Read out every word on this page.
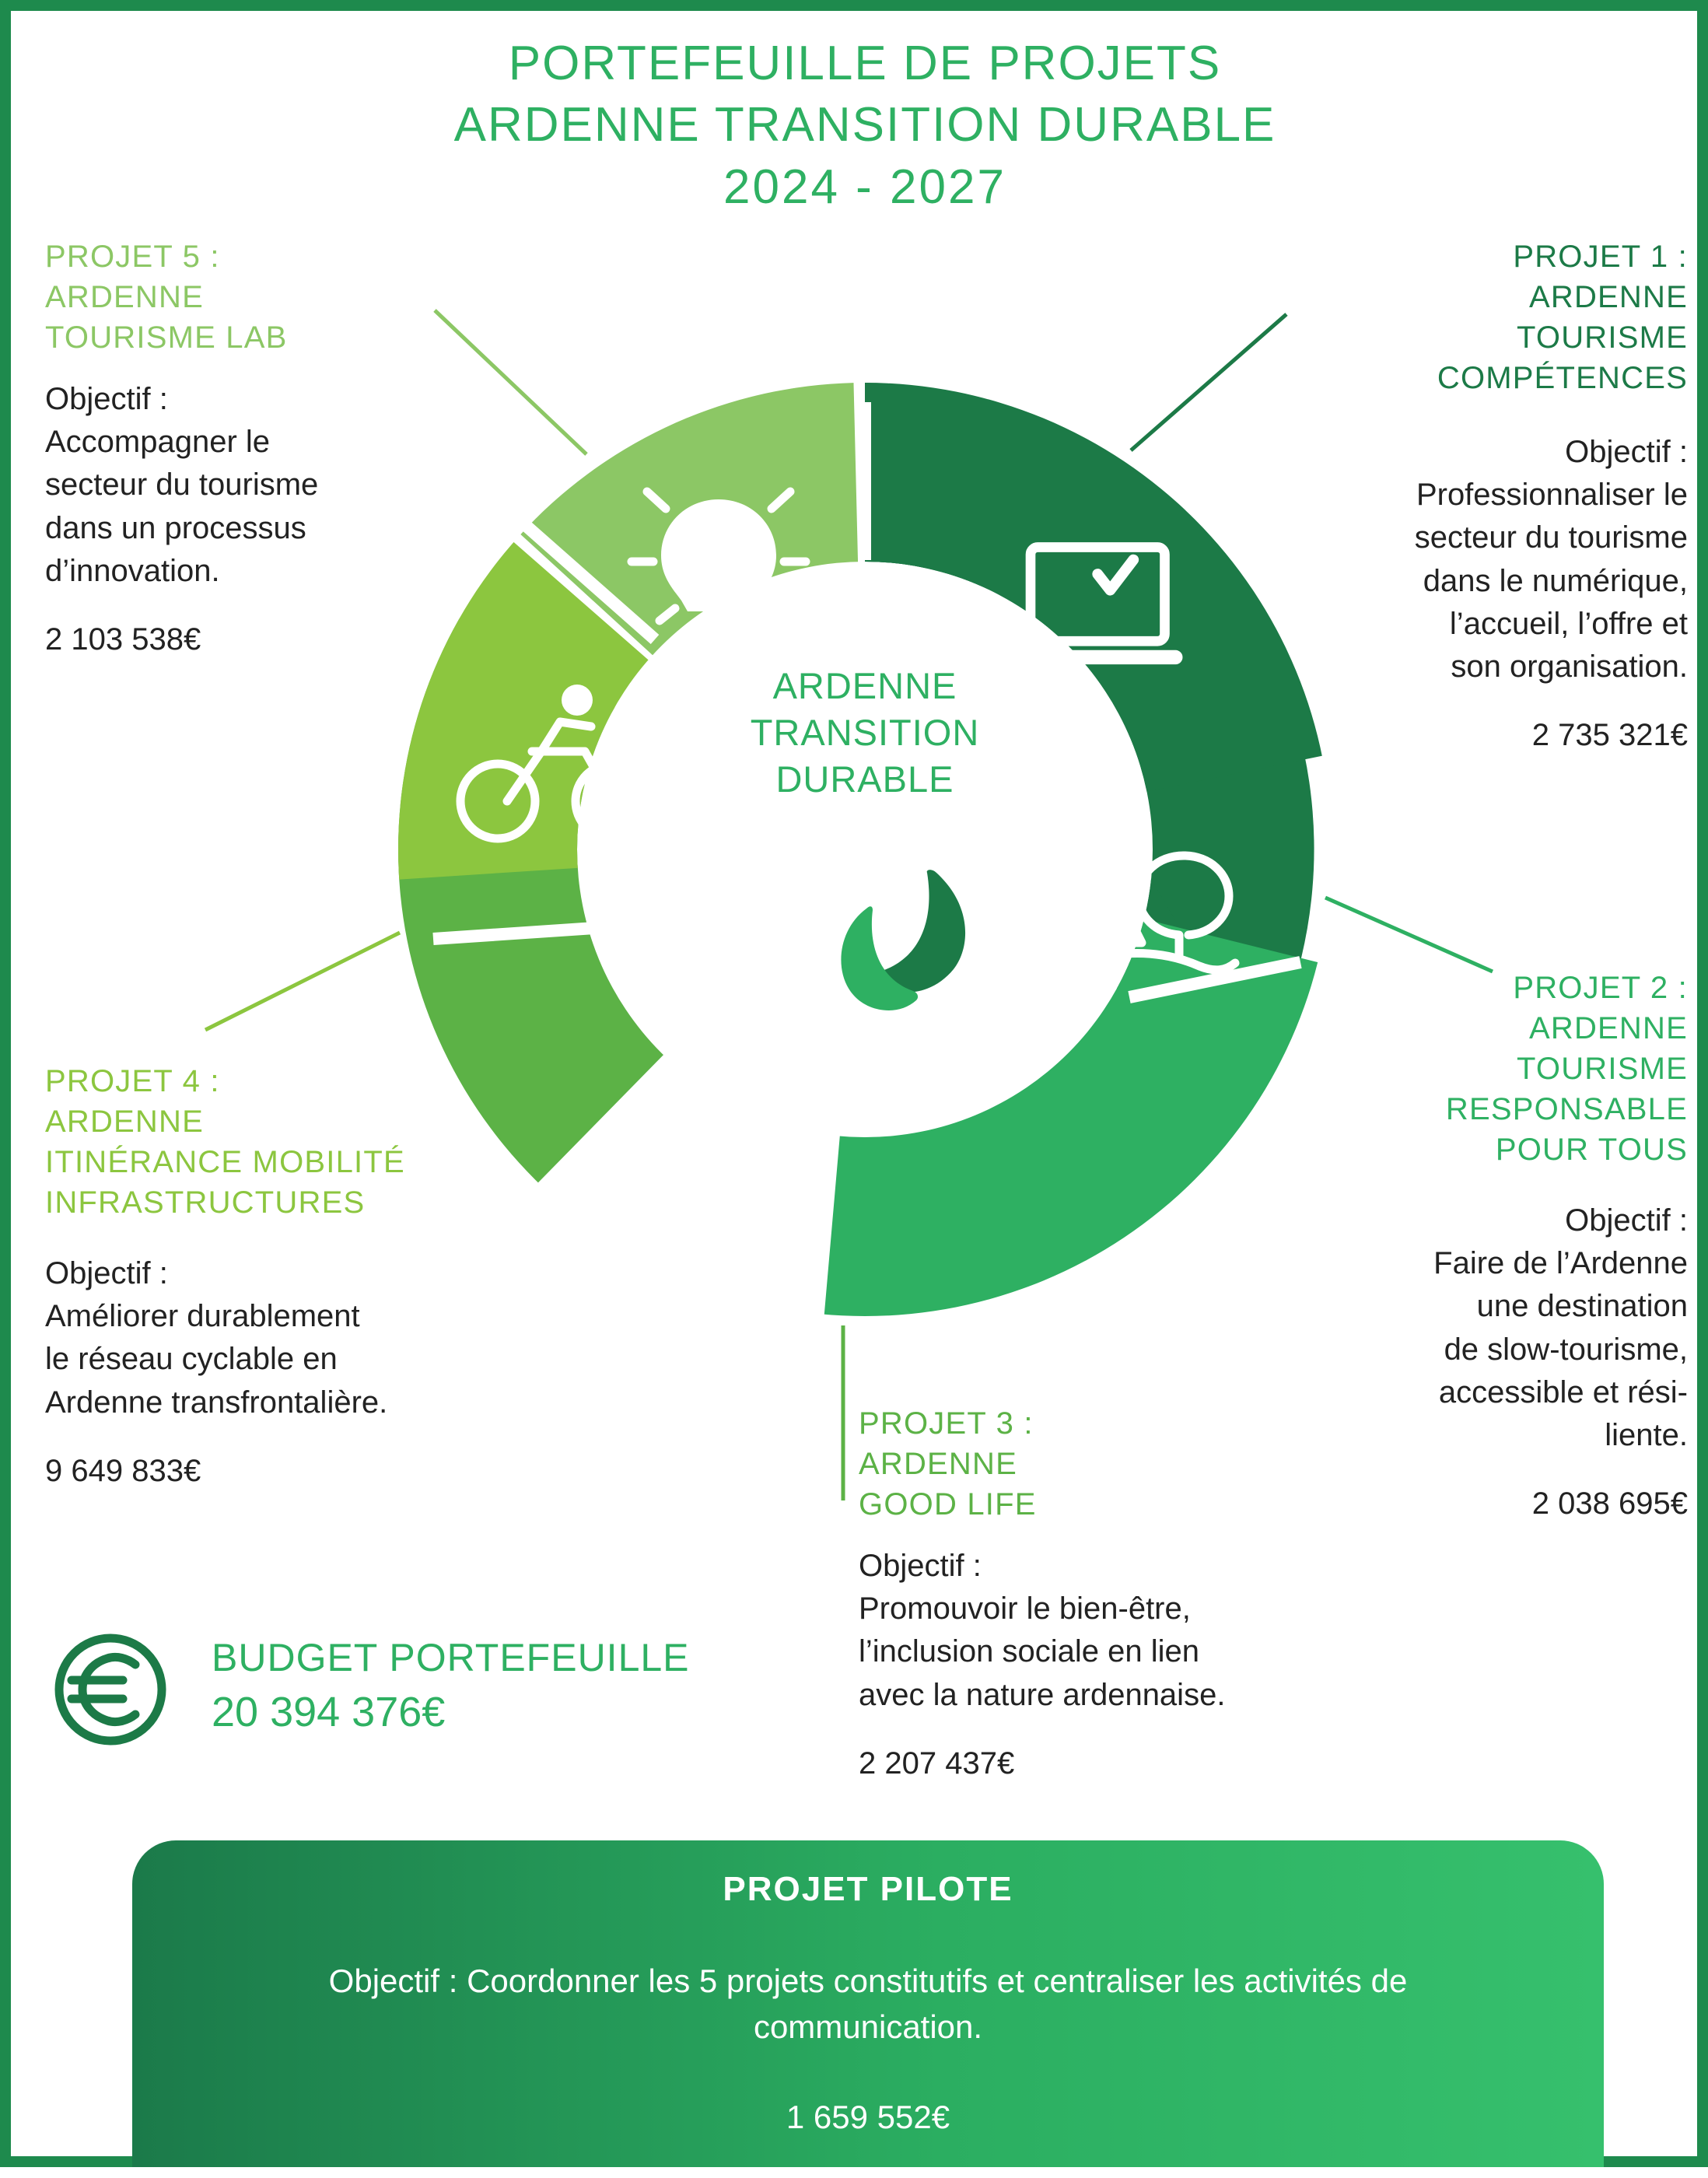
PORTEFEUILLE DE PROJETS
ARDENNE TRANSITION DURABLE
2024 - 2027
ARDENNE
TRANSITION
DURABLE
PROJET 5 :
ARDENNE
TOURISME LAB
Objectif :
Accompagner le
secteur du tourisme
dans un processus
d’innovation.
2 103 538€
PROJET 1 :
ARDENNE
TOURISME
COMPÉTENCES
Objectif :
Professionnaliser le
secteur du tourisme
dans le numérique,
l’accueil, l’offre et
son organisation.
2 735 321€
PROJET 2 :
ARDENNE
TOURISME
RESPONSABLE
POUR TOUS
Objectif :
Faire de l’Ardenne
une destination
de slow-tourisme,
accessible et rési-
liente.
2 038 695€
PROJET 4 :
ARDENNE
ITINÉRANCE MOBILITÉ
INFRASTRUCTURES
Objectif :
Améliorer durablement
le réseau cyclable en
Ardenne transfrontalière.
9 649 833€
PROJET 3 :
ARDENNE
GOOD LIFE
Objectif :
Promouvoir le bien-être,
l’inclusion sociale en lien
avec la nature ardennaise.
2 207 437€
BUDGET PORTEFEUILLE
20 394 376€
PROJET PILOTE
Objectif : Coordonner les 5 projets constitutifs et centraliser les activités de communication.
1 659 552€
